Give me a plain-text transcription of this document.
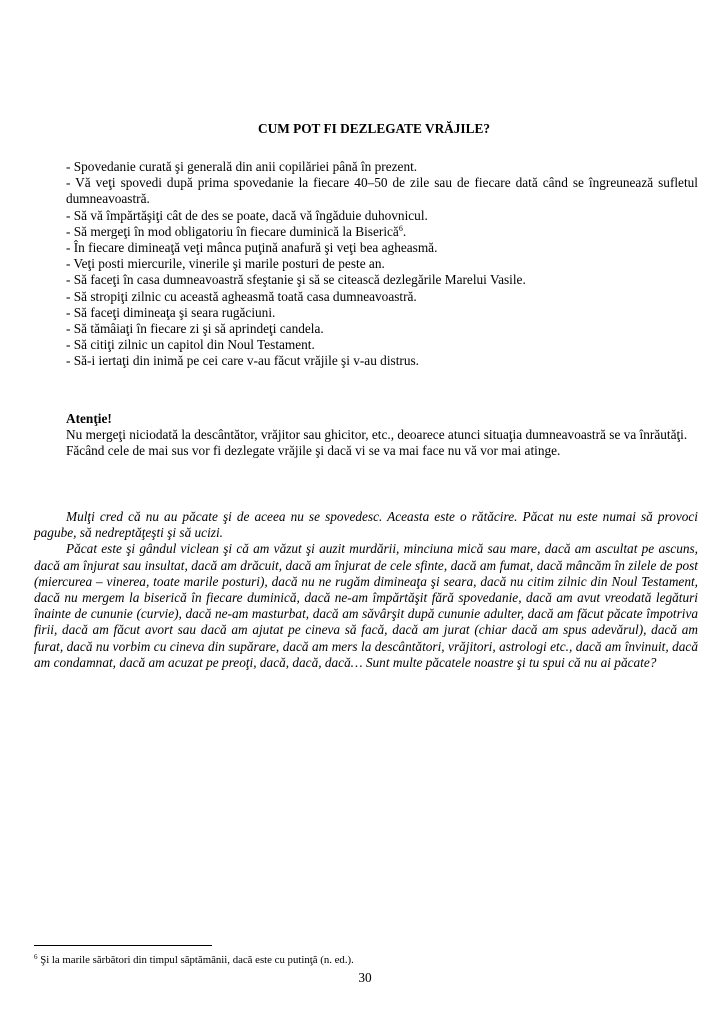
CUM POT FI DEZLEGATE VRĂJILE?
- Spovedanie curată şi generală din anii copilăriei până în prezent.
- Vă veţi spovedi după prima spovedanie la fiecare 40–50 de zile sau de fiecare dată când se îngreunează sufletul dumneavoastră.
- Să vă împărtăşiţi cât de des se poate, dacă vă îngăduie duhovnicul.
- Să mergeţi în mod obligatoriu în fiecare duminică la Biserică$^6$.
- În fiecare dimineaţă veţi mânca puţină anafură şi veţi bea agheasmă.
- Veţi posti miercurile, vinerile şi marile posturi de peste an.
- Să faceţi în casa dumneavoastră sfeştanie şi să se citească dezlegările Marelui Vasile.
- Să stropiţi zilnic cu această agheasmă toată casa dumneavoastră.
- Să faceţi dimineaţa şi seara rugăciuni.
- Să tămâiaţi în fiecare zi şi să aprindeţi candela.
- Să citiţi zilnic un capitol din Noul Testament.
- Să-i iertaţi din inimă pe cei care v-au făcut vrăjile şi v-au distrus.
Atenţie!

Nu mergeţi niciodată la descântător, vrăjitor sau ghicitor, etc., deoarece atunci situaţia dumneavoastră se va înrăutăţi.

Făcând cele de mai sus vor fi dezlegate vrăjile şi dacă vi se va mai face nu vă vor mai atinge.

Mulţi cred că nu au păcate şi de aceea nu se spovedesc. Aceasta este o rătăcire. Păcat nu este numai să provoci pagube, să nedreptăţeşti şi să ucizi.

Păcat este şi gândul viclean şi că am văzut şi auzit murdării, minciuna mică sau mare, dacă am ascultat pe ascuns, dacă am înjurat sau insultat, dacă am drăcuit, dacă am înjurat de cele sfinte, dacă am fumat, dacă mâncăm în zilele de post (miercurea – vinerea, toate marile posturi), dacă nu ne rugăm dimineaţa şi seara, dacă nu citim zilnic din Noul Testament, dacă nu mergem la biserică în fiecare duminică, dacă ne-am împărtăşit fără spovedanie, dacă am avut vreodată legături înainte de cununie (curvie), dacă ne-am masturbat, dacă am săvârşit după cununie adulter, dacă am făcut păcate împotriva firii, dacă am făcut avort sau dacă am ajutat pe cineva să facă, dacă am jurat (chiar dacă am spus adevărul), dacă am furat, dacă nu vorbim cu cineva din supărare, dacă am mers la descântători, vrăjitori, astrologi etc., dacă am învinuit, dacă am condamnat, dacă am acuzat pe preoţi, dacă, dacă, dacă… Sunt multe păcatele noastre şi tu spui că nu ai păcate?

$^6$ Şi la marile sărbători din timpul săptămânii, dacă este cu putinţă (n. ed.).
30
